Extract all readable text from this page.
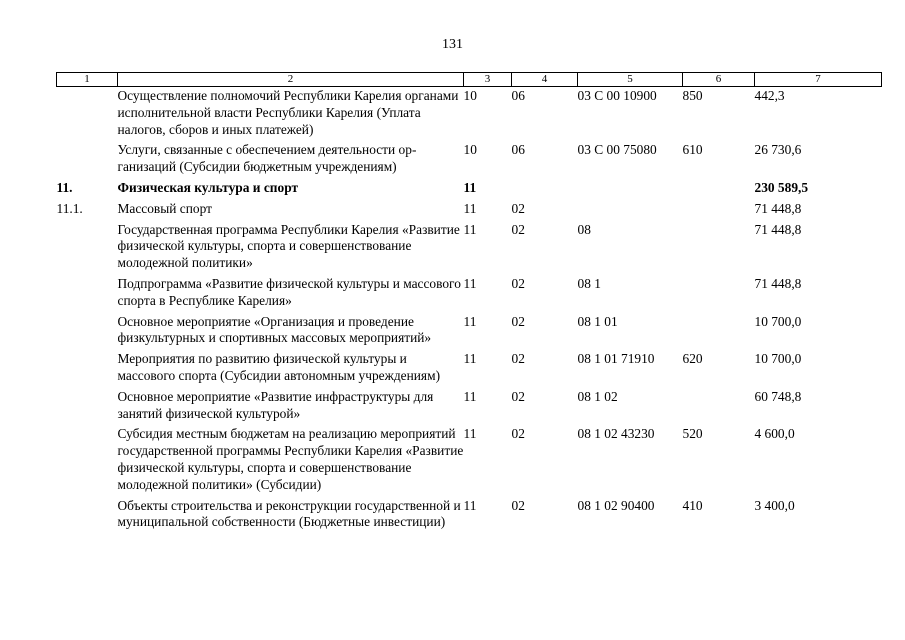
131
1	2	3	4	5	6	7
	Осуществление полномочий Республики Карелия органами исполнительной власти Республики Карелия (Уплата налогов, сборов и иных платежей)	10	06	03 С 00 10900	850	442,3
	Услуги, связанные с обеспечением деятельности организаций (Субсидии бюджетным учреждениям)	10	06	03 С 00 75080	610	26 730,6
11.	Физическая культура и спорт	11				230 589,5
11.1.	Массовый спорт	11	02			71 448,8
	Государственная программа Республики Карелия «Развитие физической культуры, спорта и совершенствование молодежной политики»	11	02	08		71 448,8
	Подпрограмма «Развитие физической культуры и массового спорта в Республике Карелия»	11	02	08 1		71 448,8
	Основное мероприятие «Организация и проведение физкультурных и спортивных массовых мероприятий»	11	02	08 1 01		10 700,0
	Мероприятия по развитию физической культуры и массового спорта (Субсидии автономным учреждениям)	11	02	08 1 01 71910	620	10 700,0
	Основное мероприятие «Развитие инфраструктуры для занятий физической культурой»	11	02	08 1 02		60 748,8
	Субсидия местным бюджетам на реализацию мероприятий государственной программы Республики Карелия «Развитие физической культуры, спорта и совершенствование молодежной политики» (Субсидии)	11	02	08 1 02 43230	520	4 600,0
	Объекты строительства и реконструкции государственной и муниципальной собственности (Бюджетные инвестиции)	11	02	08 1 02 90400	410	3 400,0
